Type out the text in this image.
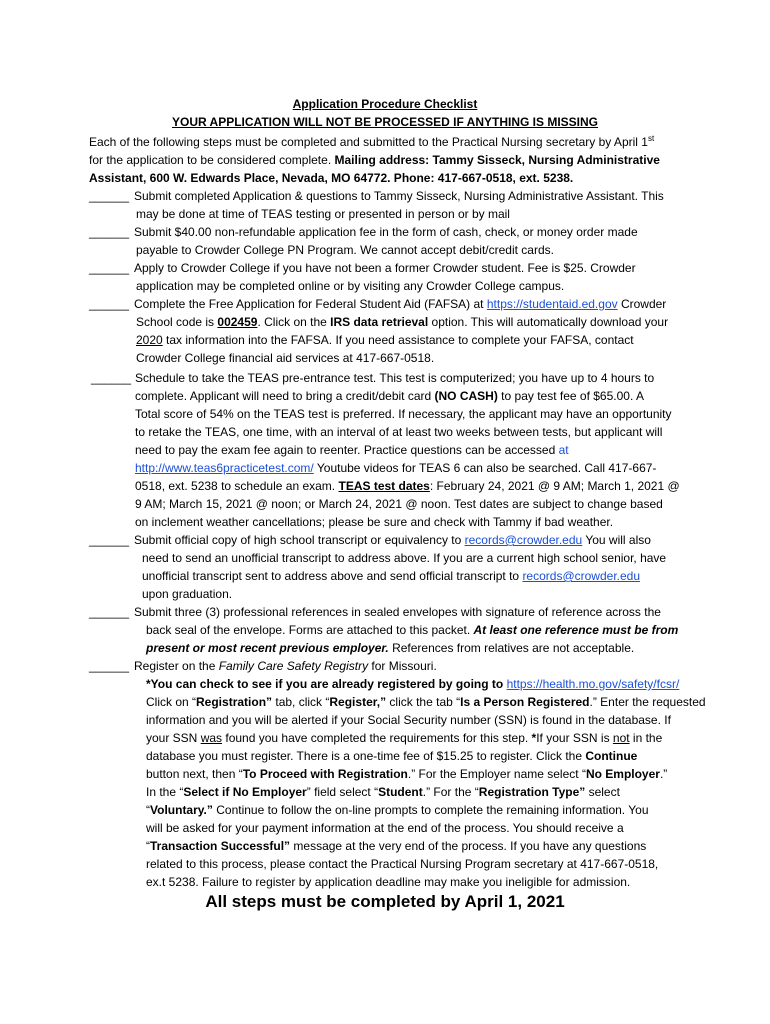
Application Procedure Checklist
YOUR APPLICATION WILL NOT BE PROCESSED IF ANYTHING IS MISSING
Each of the following steps must be completed and submitted to the Practical Nursing secretary by April 1st
for the application to be considered complete. Mailing address: Tammy Sisseck, Nursing Administrative
Assistant, 600 W. Edwards Place, Nevada, MO 64772. Phone: 417-667-0518, ext. 5238.
______ Submit completed Application & questions to Tammy Sisseck, Nursing Administrative Assistant. This
may be done at time of TEAS testing or presented in person or by mail
______ Submit $40.00 non-refundable application fee in the form of cash, check, or money order made
payable to Crowder College PN Program. We cannot accept debit/credit cards.
______ Apply to Crowder College if you have not been a former Crowder student. Fee is $25. Crowder
application may be completed online or by visiting any Crowder College campus.
______ Complete the Free Application for Federal Student Aid (FAFSA) at https://studentaid.ed.gov Crowder
School code is 002459. Click on the IRS data retrieval option. This will automatically download your
2020 tax information into the FAFSA. If you need assistance to complete your FAFSA, contact
Crowder College financial aid services at 417-667-0518.
______ Schedule to take the TEAS pre-entrance test. This test is computerized; you have up to 4 hours to
complete. Applicant will need to bring a credit/debit card (NO CASH) to pay test fee of $65.00. A
Total score of 54% on the TEAS test is preferred. If necessary, the applicant may have an opportunity
to retake the TEAS, one time, with an interval of at least two weeks between tests, but applicant will
need to pay the exam fee again to reenter. Practice questions can be accessed at
http://www.teas6practicetest.com/ Youtube videos for TEAS 6 can also be searched. Call 417-667-
0518, ext. 5238 to schedule an exam. TEAS test dates: February 24, 2021 @ 9 AM; March 1, 2021 @
9 AM; March 15, 2021 @ noon; or March 24, 2021 @ noon. Test dates are subject to change based
on inclement weather cancellations; please be sure and check with Tammy if bad weather.
______ Submit official copy of high school transcript or equivalency to records@crowder.edu You will also
need to send an unofficial transcript to address above. If you are a current high school senior, have
unofficial transcript sent to address above and send official transcript to records@crowder.edu
upon graduation.
______ Submit three (3) professional references in sealed envelopes with signature of reference across the
back seal of the envelope. Forms are attached to this packet. At least one reference must be from
present or most recent previous employer. References from relatives are not acceptable.
______ Register on the Family Care Safety Registry for Missouri.
*You can check to see if you are already registered by going to https://health.mo.gov/safety/fcsr/
Click on “Registration” tab, click “Register,” click the tab “Is a Person Registered.” Enter the requested
information and you will be alerted if your Social Security number (SSN) is found in the database. If
your SSN was found you have completed the requirements for this step. *If your SSN is not in the
database you must register. There is a one-time fee of $15.25 to register. Click the Continue
button next, then “To Proceed with Registration.” For the Employer name select “No Employer.”
In the “Select if No Employer” field select “Student.” For the “Registration Type” select
“Voluntary.” Continue to follow the on-line prompts to complete the remaining information. You
will be asked for your payment information at the end of the process. You should receive a
“Transaction Successful” message at the very end of the process. If you have any questions
related to this process, please contact the Practical Nursing Program secretary at 417-667-0518,
ex.t 5238. Failure to register by application deadline may make you ineligible for admission.
All steps must be completed by April 1, 2021
